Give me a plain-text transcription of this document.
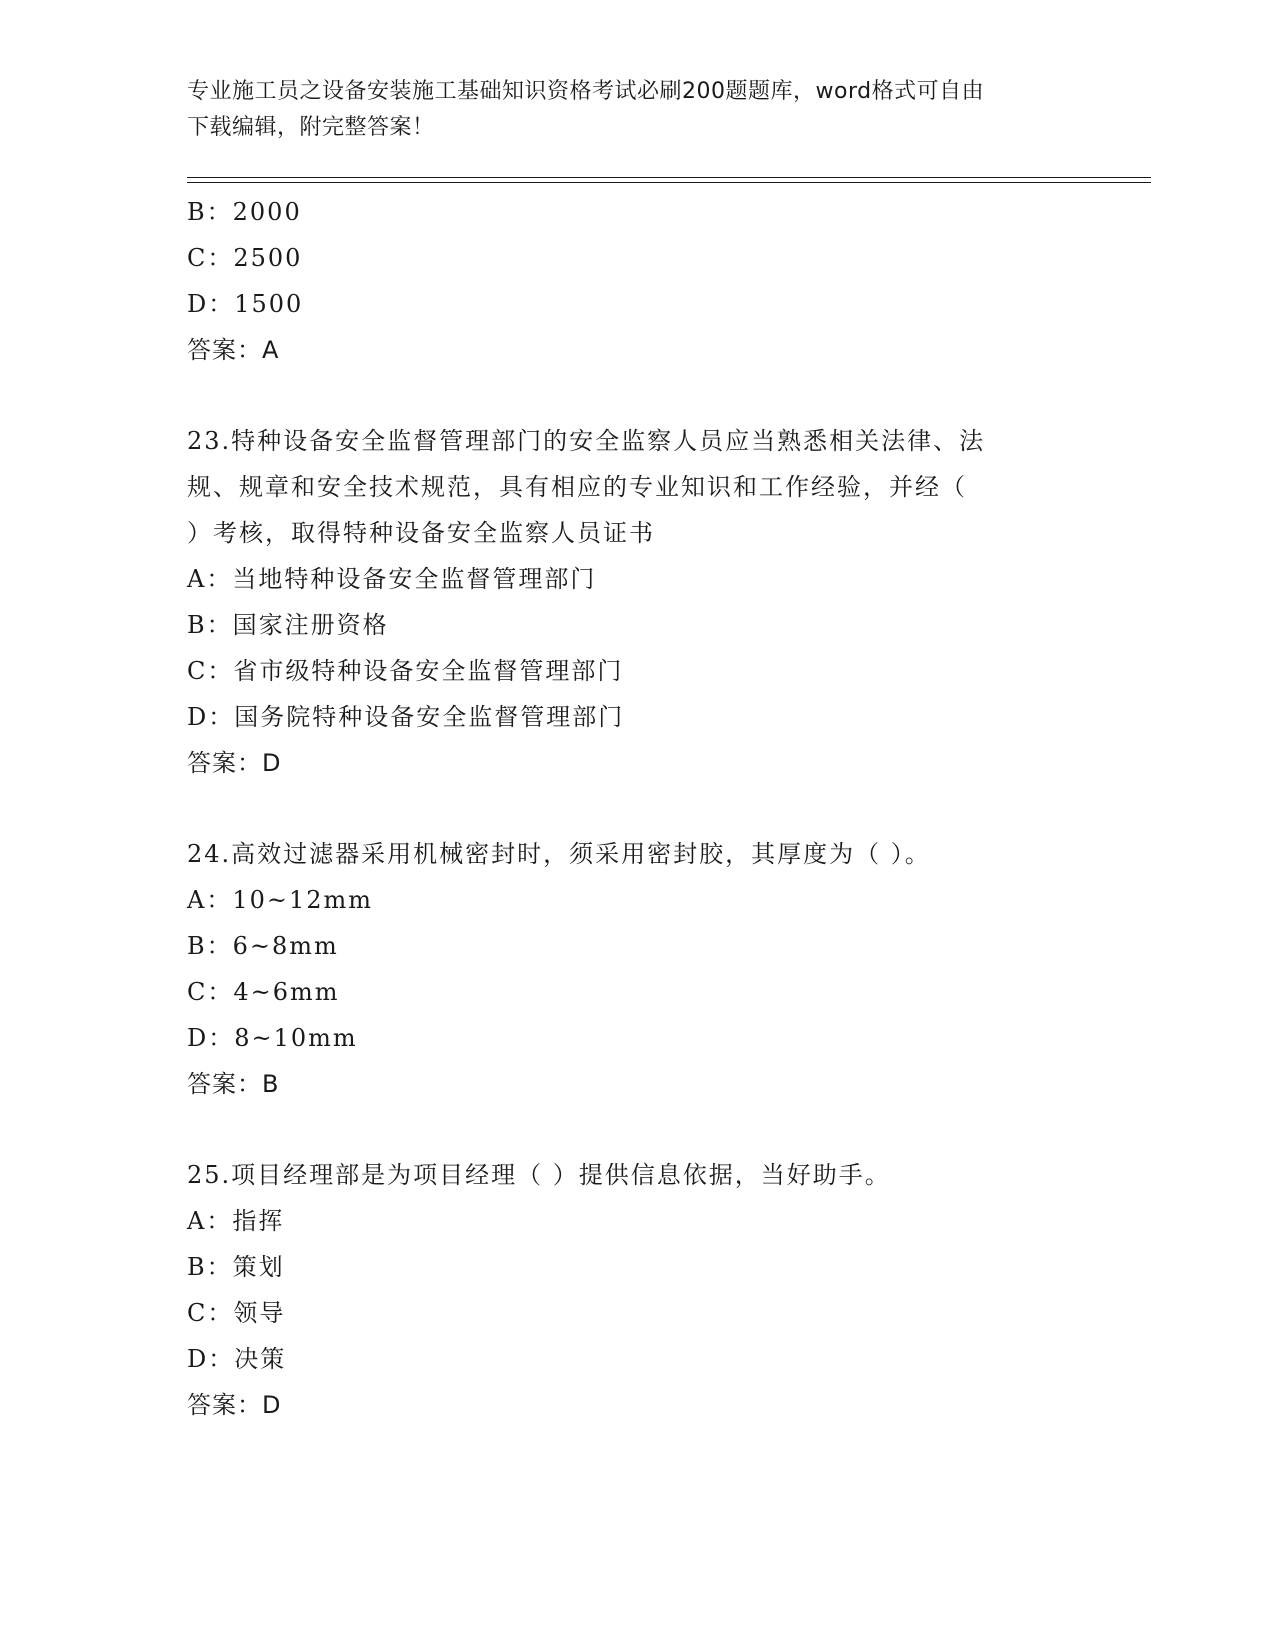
专业施工员之设备安装施工基础知识资格考试必刷200题题库，word格式可自由
下载编辑，附完整答案！
B：2000
C：2500
D：1500
答案：A
23.特种设备安全监督管理部门的安全监察人员应当熟悉相关法律、法
规、规章和安全技术规范，具有相应的专业知识和工作经验，并经（
）考核，取得特种设备安全监察人员证书
A：当地特种设备安全监督管理部门
B：国家注册资格
C：省市级特种设备安全监督管理部门
D：国务院特种设备安全监督管理部门
答案：D
24.高效过滤器采用机械密封时，须采用密封胶，其厚度为（ ）。
A：10~12mm
B：6~8mm
C：4~6mm
D：8~10mm
答案：B
25.项目经理部是为项目经理（ ）提供信息依据，当好助手。
A：指挥
B：策划
C：领导
D：决策
答案：D
